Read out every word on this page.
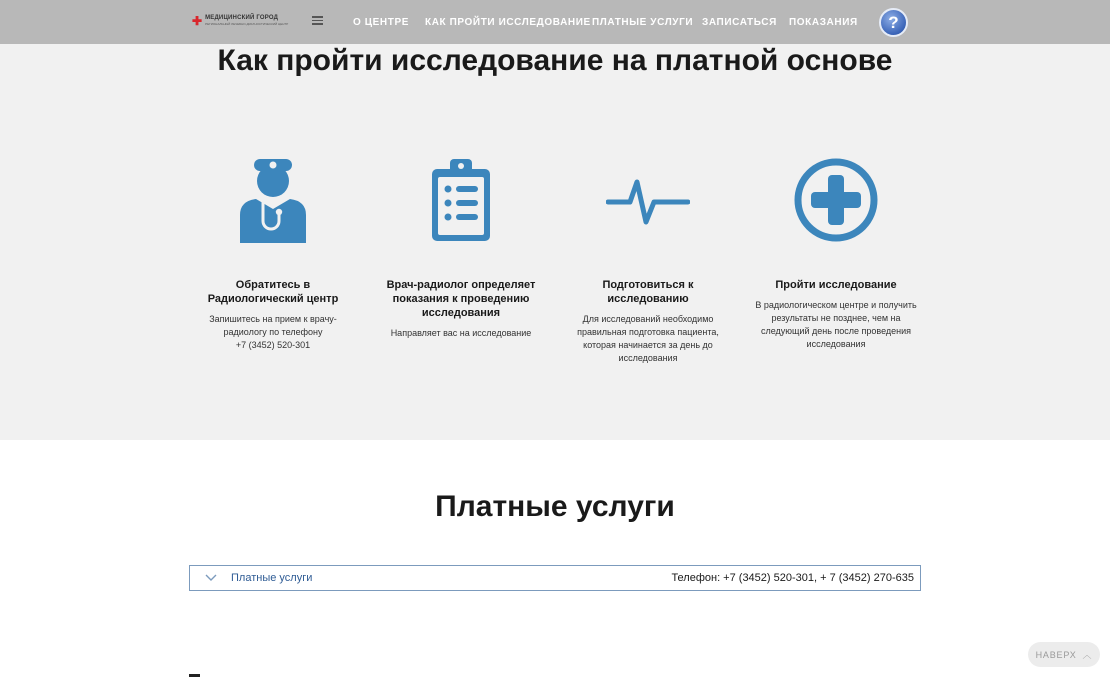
Как пройти исследование на платной основе
Обратитесь в Радиологический центр
Запишитесь на прием к врачу-радиологу по телефону
+7 (3452) 520-301
Врач-радиолог определяет показания к проведению исследования
Направляет вас на исследование
Подготовиться к исследованию
Для исследований необходимо правильная подготовка пациента, которая начинается за день до исследования
Пройти исследование
В радиологическом центре и получить результаты не позднее, чем на следующий день после проведения исследования
✚ МЕДИЦИНСКИЙ ГОРОД
РЕГИОНАЛЬНЫЙ ЛЕЧЕБНО-ДИАГНОСТИЧЕСКИЙ ЦЕНТР	О ЦЕНТРЕ КАК ПРОЙТИ ИССЛЕДОВАНИЕ ПЛАТНЫЕ УСЛУГИ ЗАПИСАТЬСЯ ПОКАЗАНИЯ ?
Платные услуги
Платные услуги	Телефон: +7 (3452) 520-301, + 7 (3452) 270-635
НАВЕРХ ︿
